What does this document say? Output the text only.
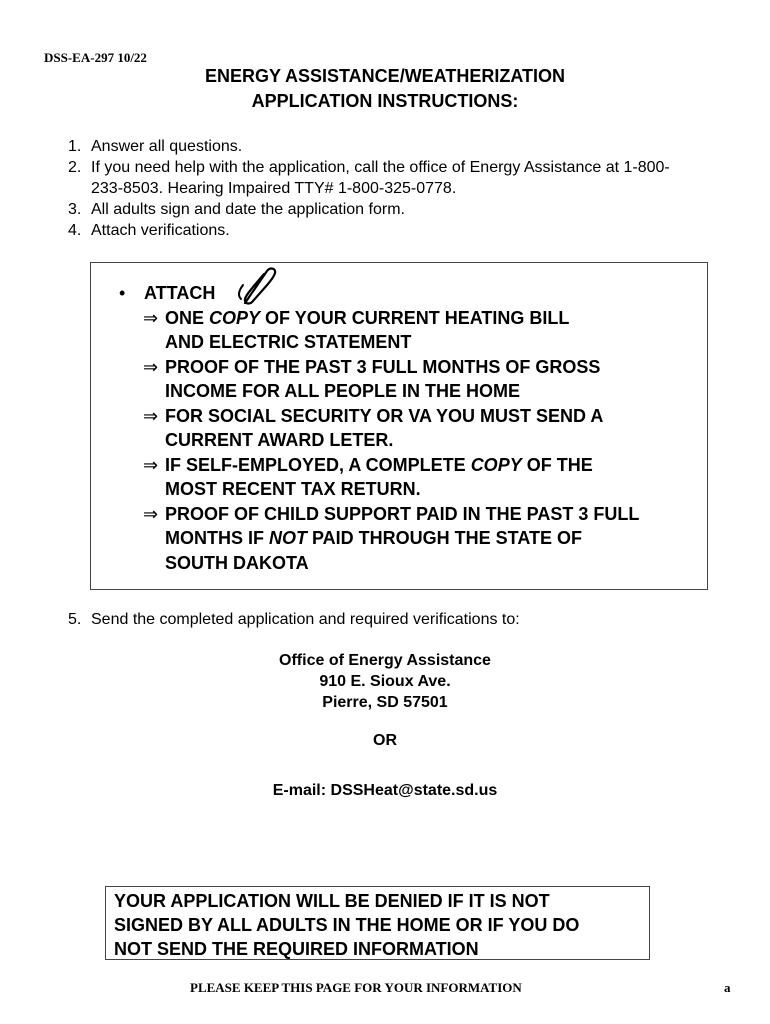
DSS-EA-297 10/22
ENERGY ASSISTANCE/WEATHERIZATION
APPLICATION INSTRUCTIONS:
1. Answer all questions.
2. If you need help with the application, call the office of Energy Assistance at 1-800-233-8503. Hearing Impaired TTY# 1-800-325-0778.
3. All adults sign and date the application form.
4. Attach verifications.
• ATTACH
⇒ ONE COPY OF YOUR CURRENT HEATING BILL
AND ELECTRIC STATEMENT
⇒ PROOF OF THE PAST 3 FULL MONTHS OF GROSS
INCOME FOR ALL PEOPLE IN THE HOME
⇒ FOR SOCIAL SECURITY OR VA YOU MUST SEND A
CURRENT AWARD LETER.
⇒ IF SELF-EMPLOYED, A COMPLETE COPY OF THE
MOST RECENT TAX RETURN.
⇒ PROOF OF CHILD SUPPORT PAID IN THE PAST 3 FULL
MONTHS IF NOT PAID THROUGH THE STATE OF
SOUTH DAKOTA
5. Send the completed application and required verifications to:
Office of Energy Assistance
910 E. Sioux Ave.
Pierre, SD 57501
OR
E-mail: DSSHeat@state.sd.us
YOUR APPLICATION WILL BE DENIED IF IT IS NOT
SIGNED BY ALL ADULTS IN THE HOME OR IF YOU DO
NOT SEND THE REQUIRED INFORMATION
PLEASE KEEP THIS PAGE FOR YOUR INFORMATION	a
